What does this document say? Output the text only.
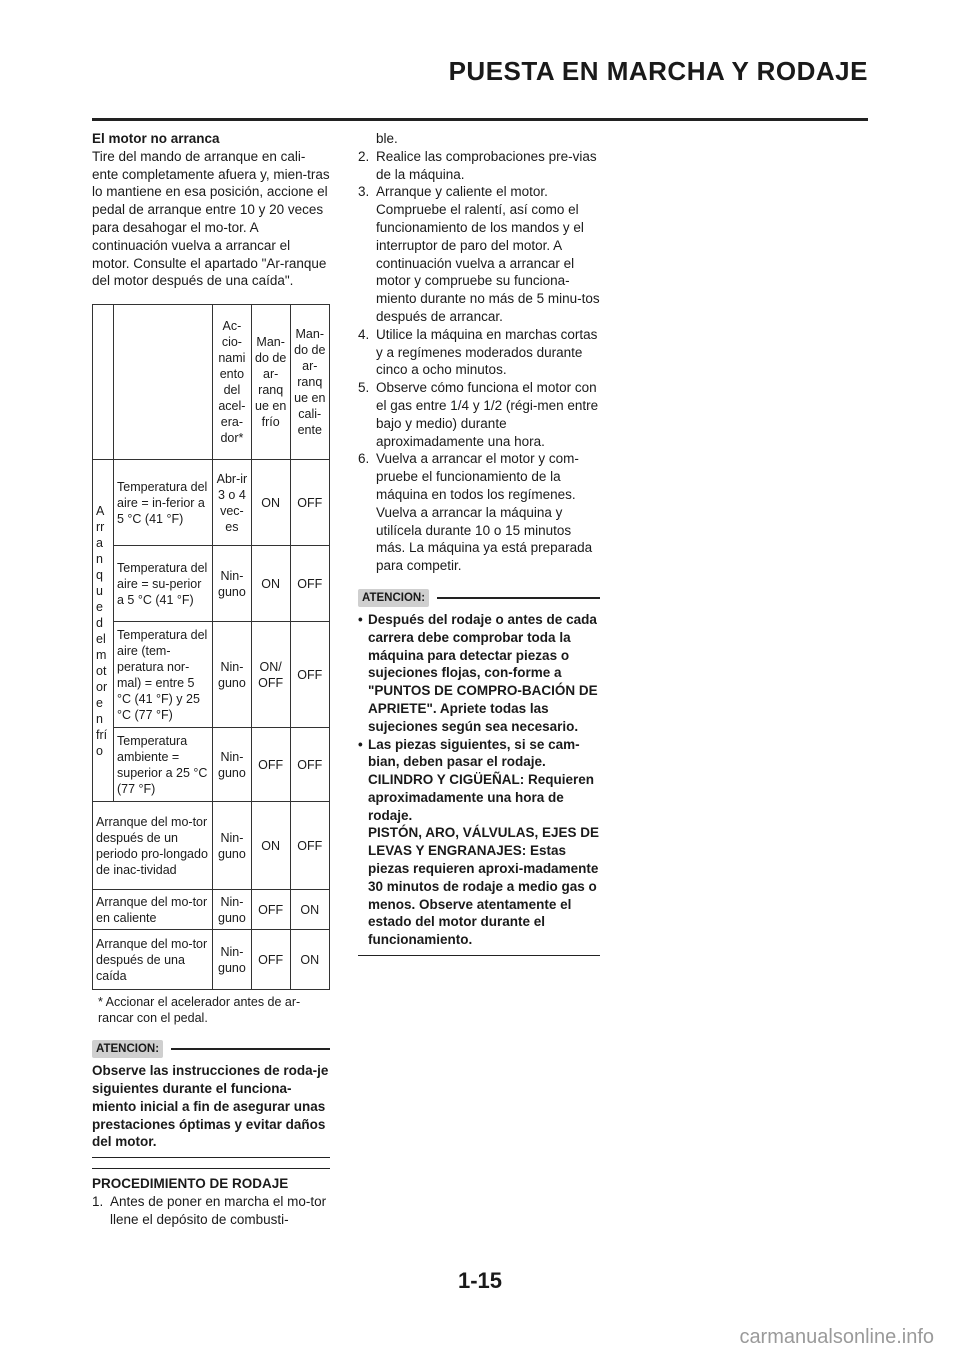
PUESTA EN MARCHA Y RODAJE

El motor no arranca

Tire del mando de arranque en cali-ente completamente afuera y, mien-tras lo mantiene en esa posición, accione el pedal de arranque entre 10 y 20 veces para desahogar el mo-tor. A continuación vuelva a arrancar el motor. Consulte el apartado "Ar-ranque del motor después de una caída".

		Ac-cio-nami ento del acel-era-dor*	Man-do de ar-ranq ue en frío	Man-do de ar-ranq ue en cali-ente
A rr a n q u e d el m ot or e n frí o	Temperatura del aire = in-ferior a 5 °C (41 °F)	Abr-ir 3 o 4 vec-es	ON	OFF
	Temperatura del aire = su-perior a 5 °C (41 °F)	Nin-guno	ON	OFF
	Temperatura del aire (tem-peratura nor-mal) = entre 5 °C (41 °F) y 25 °C (77 °F)	Nin-guno	ON/ OFF	OFF
	Temperatura ambiente = superior a 25 °C (77 °F)	Nin-guno	OFF	OFF
Arranque del mo-tor después de un periodo pro-longado de inac-tividad		Nin-guno	ON	OFF
Arranque del mo-tor en caliente		Nin-guno	OFF	ON
Arranque del mo-tor después de una caída		Nin-guno	OFF	ON

* Accionar el acelerador antes de ar-rancar con el pedal.

ATENCION:
Observe las instrucciones de roda-je siguientes durante el funciona-miento inicial a fin de asegurar unas prestaciones óptimas y evitar daños del motor.

PROCEDIMIENTO DE RODAJE

1. Antes de poner en marcha el mo-tor llene el depósito de combusti-

ble.

2. Realice las comprobaciones pre-vias de la máquina.
3. Arranque y caliente el motor. Compruebe el ralentí, así como el funcionamiento de los mandos y el interruptor de paro del motor. A continuación vuelva a arrancar el motor y compruebe su funciona-miento durante no más de 5 minu-tos después de arrancar.
4. Utilice la máquina en marchas cortas y a regímenes moderados durante cinco a ocho minutos.
5. Observe cómo funciona el motor con el gas entre 1/4 y 1/2 (régi-men entre bajo y medio) durante aproximadamente una hora.
6. Vuelva a arrancar el motor y com-pruebe el funcionamiento de la máquina en todos los regímenes. Vuelva a arrancar la máquina y utilícela durante 10 o 15 minutos más. La máquina ya está preparada para competir.
ATENCION:
• Después del rodaje o antes de cada carrera debe comprobar toda la máquina para detectar piezas o sujeciones flojas, con-forme a "PUNTOS DE COMPRO-BACIÓN DE APRIETE". Apriete todas las sujeciones según sea necesario.
• Las piezas siguientes, si se cam-bian, deben pasar el rodaje.
CILINDRO Y CIGÜEÑAL: Requieren aproximadamente una hora de rodaje.
PISTÓN, ARO, VÁLVULAS, EJES DE LEVAS Y ENGRANAJES: Estas piezas requieren aproxi-madamente 30 minutos de rodaje a medio gas o menos. Observe atentamente el estado del motor durante el funcionamiento.
1-15
carmanualsonline.info
